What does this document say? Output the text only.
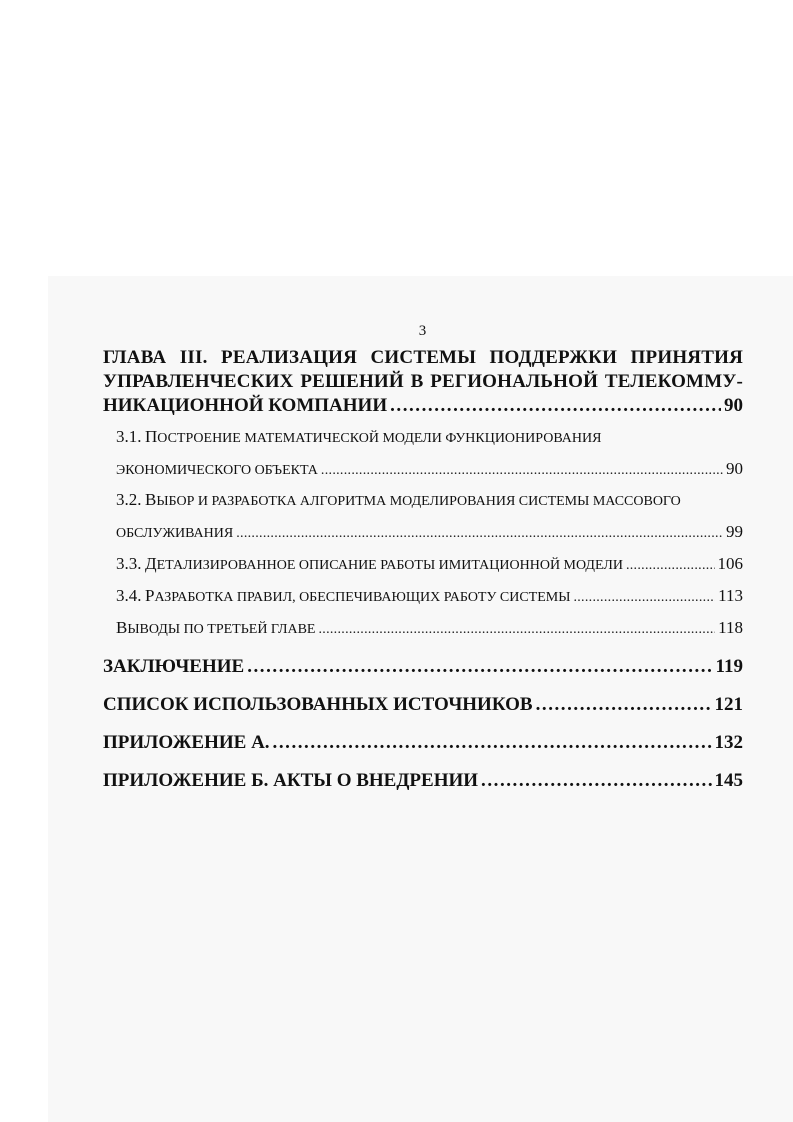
3
ГЛАВА III. РЕАЛИЗАЦИЯ СИСТЕМЫ ПОДДЕРЖКИ ПРИНЯТИЯ
УПРАВЛЕНЧЕСКИХ РЕШЕНИЙ В РЕГИОНАЛЬНОЙ ТЕЛЕКОММУ-
НИКАЦИОННОЙ КОМПАНИИ . . .	90
3.1. ПОСТРОЕНИЕ МАТЕМАТИЧЕСКОЙ МОДЕЛИ ФУНКЦИОНИРОВАНИЯ
ЭКОНОМИЧЕСКОГО ОБЪЕКТА . . .	90
3.2. ВЫБОР И РАЗРАБОТКА АЛГОРИТМА МОДЕЛИРОВАНИЯ СИСТЕМЫ МАССОВОГО
ОБСЛУЖИВАНИЯ . . .	99
3.3. ДЕТАЛИЗИРОВАННОЕ ОПИСАНИЕ РАБОТЫ ИМИТАЦИОННОЙ МОДЕЛИ . . .	106
3.4. РАЗРАБОТКА ПРАВИЛ, ОБЕСПЕЧИВАЮЩИХ РАБОТУ СИСТЕМЫ . . .	113
ВЫВОДЫ ПО ТРЕТЬЕЙ ГЛАВЕ . . .	118
ЗАКЛЮЧЕНИЕ . . .	119
СПИСОК ИСПОЛЬЗОВАННЫХ ИСТОЧНИКОВ . . .	121
ПРИЛОЖЕНИЕ А. . . .	132
ПРИЛОЖЕНИЕ Б. АКТЫ О ВНЕДРЕНИИ . . .	145
